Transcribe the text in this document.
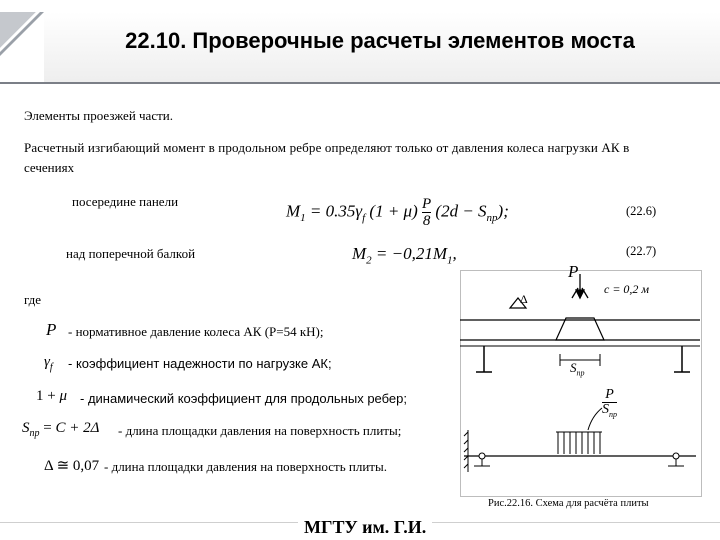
22.10. Проверочные расчеты элементов моста
Элементы проезжей части.
Расчетный изгибающий момент в продольном ребре определяют только от давления колеса нагрузки АК в
сечениях
посередине панели	$M_1 = 0.35\gamma_f$ $(1 + \mu) \frac{P}{8} (2d - S_{пр})$;	(22.6)
над поперечной балкой	$M_2 = -0,21M_1$,	(22.7)
где
P - нормативное давление колеса АК (Р=54 кН);
$\gamma_f$ - коэффициент надежности по нагрузке АК;
1 + μ - динамический коэффициент для продольных ребер;
$S_{пр} = C + 2\Delta$ - длина площадки давления на поверхность плиты;
Δ ≅ 0,07 - длина площадки давления на поверхность плиты.
P
c = 0,2 м
Δ
$S_{пр}$
P
$S_{пр}$
Рис.22.16. Схема для расчёта плиты
МГТУ им. Г.И.
